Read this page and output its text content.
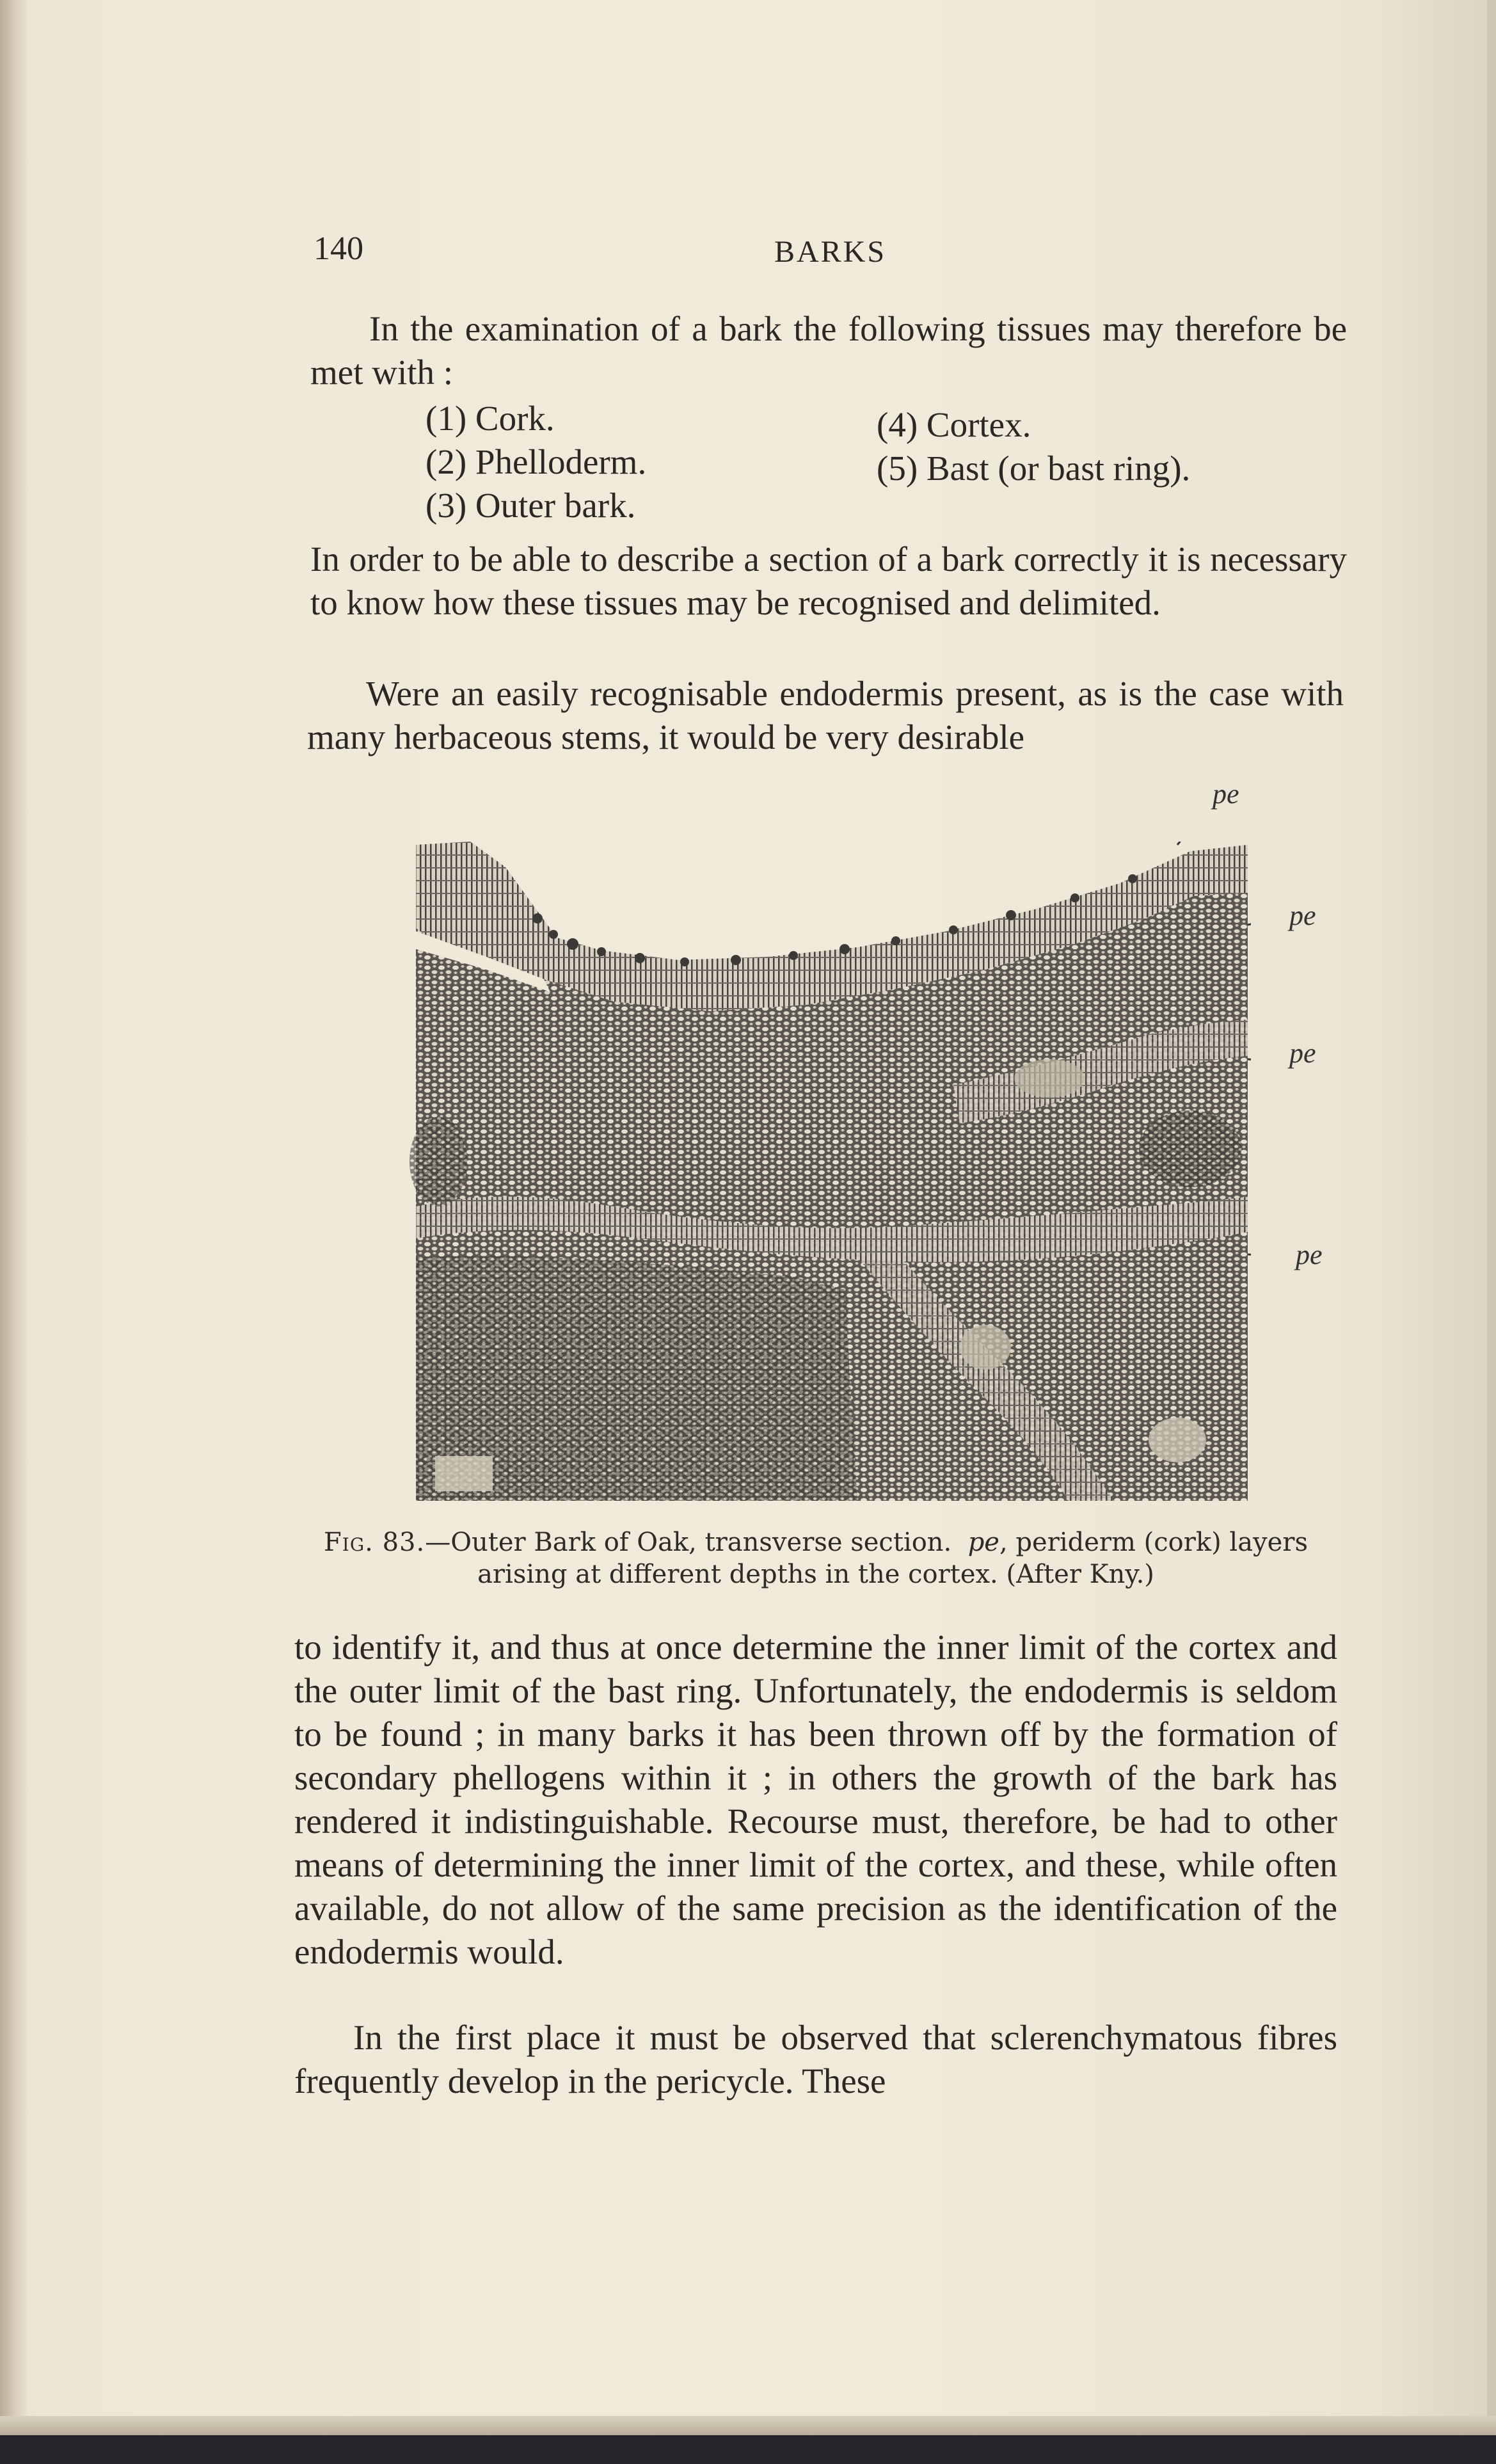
140	BARKS
In the examination of a bark the following tissues may therefore be met with :
(1) Cork.
(2) Phelloderm.
(3) Outer bark.
(4) Cortex.
(5) Bast (or bast ring).
In order to be able to describe a section of a bark correctly it is necessary to know how these tissues may be recognised and delimited.
Were an easily recognisable endodermis present, as is the case with many herbaceous stems, it would be very desirable
pe
pe
pe
pe
Fig. 83.—Outer Bark of Oak, transverse section. pe, periderm (cork) layers arising at different depths in the cortex. (After Kny.)
to identify it, and thus at once determine the inner limit of the cortex and the outer limit of the bast ring. Unfortunately, the endodermis is seldom to be found ; in many barks it has been thrown off by the formation of secondary phellogens within it ; in others the growth of the bark has rendered it indistinguishable. Recourse must, therefore, be had to other means of determining the inner limit of the cortex, and these, while often available, do not allow of the same precision as the identification of the endodermis would.
In the first place it must be observed that sclerenchymatous fibres frequently develop in the pericycle. These
